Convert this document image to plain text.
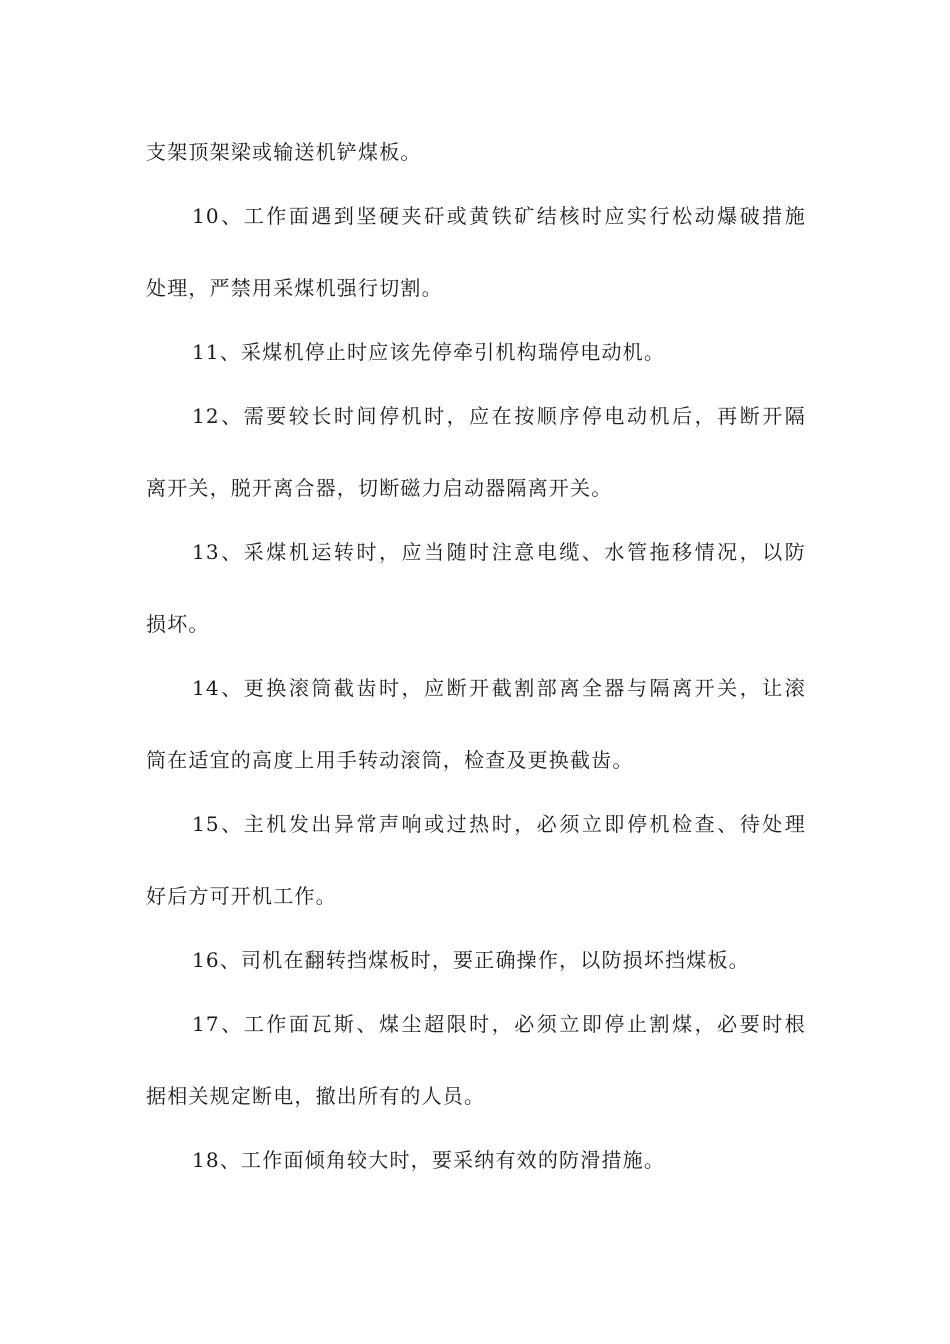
支架顶架梁或输送机铲煤板。
10、工作面遇到坚硬夹矸或黄铁矿结核时应实行松动爆破措施
处理，严禁用采煤机强行切割。
11、采煤机停止时应该先停牵引机构瑞停电动机。
12、需要较长时间停机时，应在按顺序停电动机后，再断开隔
离开关，脱开离合器，切断磁力启动器隔离开关。
13、采煤机运转时，应当随时注意电缆、水管拖移情况，以防
损坏。
14、更换滚筒截齿时，应断开截割部离全器与隔离开关，让滚
筒在适宜的高度上用手转动滚筒，检查及更换截齿。
15、主机发出异常声响或过热时，必须立即停机检查、待处理
好后方可开机工作。
16、司机在翻转挡煤板时，要正确操作，以防损坏挡煤板。
17、工作面瓦斯、煤尘超限时，必须立即停止割煤，必要时根
据相关规定断电，撤出所有的人员。
18、工作面倾角较大时，要采纳有效的防滑措施。
